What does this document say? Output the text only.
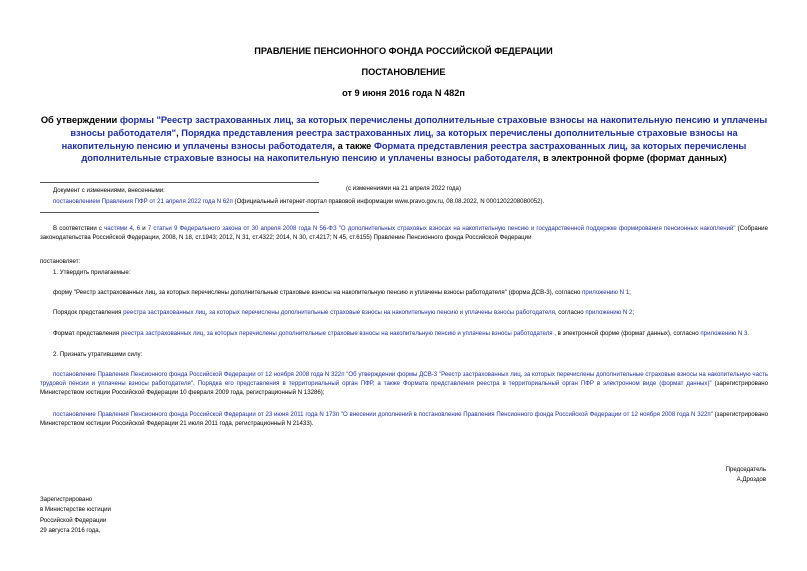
ПРАВЛЕНИЕ ПЕНСИОННОГО ФОНДА РОССИЙСКОЙ ФЕДЕРАЦИИ
ПОСТАНОВЛЕНИЕ
от 9 июня 2016 года N 482п
Об утверждении формы "Реестр застрахованных лиц, за которых перечислены дополнительные страховые взносы на накопительную пенсию и уплачены взносы работодателя", Порядка представления реестра застрахованных лиц, за которых перечислены дополнительные страховые взносы на накопительную пенсию и уплачены взносы работодателя, а также Формата представления реестра застрахованных лиц, за которых перечислены дополнительные страховые взносы на накопительную пенсию и уплачены взносы работодателя, в электронной форме (формат данных)
(с изменениями на 21 апреля 2022 года)
Документ с изменениями, внесенными:
постановлением Правления ПФР от 21 апреля 2022 года N 62п (Официальный интернет-портал правовой информации www.pravo.gov.ru, 08.08.2022, N 0001202208080052).
В соответствии с частями 4, 6 и 7 статьи 9 Федерального закона от 30 апреля 2008 года N 56-ФЗ "О дополнительных страховых взносах на накопительную пенсию и государственной поддержке формирования пенсионных накоплений" (Собрание законодательства Российской Федерации, 2008, N 18, ст.1943; 2012, N 31, ст.4322; 2014, N 30, ст.4217; N 45, ст.6155) Правление Пенсионного фонда Российской Федерации
постановляет:
1. Утвердить прилагаемые:
форму "Реестр застрахованных лиц, за которых перечислены дополнительные страховые взносы на накопительную пенсию и уплачены взносы работодателя" (форма ДСВ-3), согласно приложению N 1;
Порядок представления реестра застрахованных лиц, за которых перечислены дополнительные страховые взносы на накопительную пенсию и уплачены взносы работодателя, согласно приложению N 2;
Формат представления реестра застрахованных лиц, за которых перечислены дополнительные страховые взносы на накопительную пенсию и уплачены взносы работодателя , в электронной форме (формат данных), согласно приложению N 3.
2. Признать утратившими силу:
постановление Правления Пенсионного фонда Российской Федерации от 12 ноября 2008 года N 322п "Об утверждении формы ДСВ-3 "Реестр застрахованных лиц, за которых перечислены дополнительные страховые взносы на накопительную часть трудовой пенсии и уплачены взносы работодателя", Порядка его представления в территориальный орган ПФР, а также Формата представления реестра в территориальный орган ПФР в электронном виде (формат данных)" (зарегистрировано Министерством юстиции Российской Федерации 10 февраля 2009 года, регистрационный N 13286);
постановление Правления Пенсионного фонда Российской Федерации от 23 июня 2011 года N 173п "О внесении дополнений в постановление Правления Пенсионного фонда Российской Федерации от 12 ноября 2008 года N 322п" (зарегистрировано Министерством юстиции Российской Федерации 21 июля 2011 года, регистрационный N 21433).
Председатель
А.Дроздов
Зарегистрировано
в Министерстве юстиции
Российской Федерации
29 августа 2016 года,
